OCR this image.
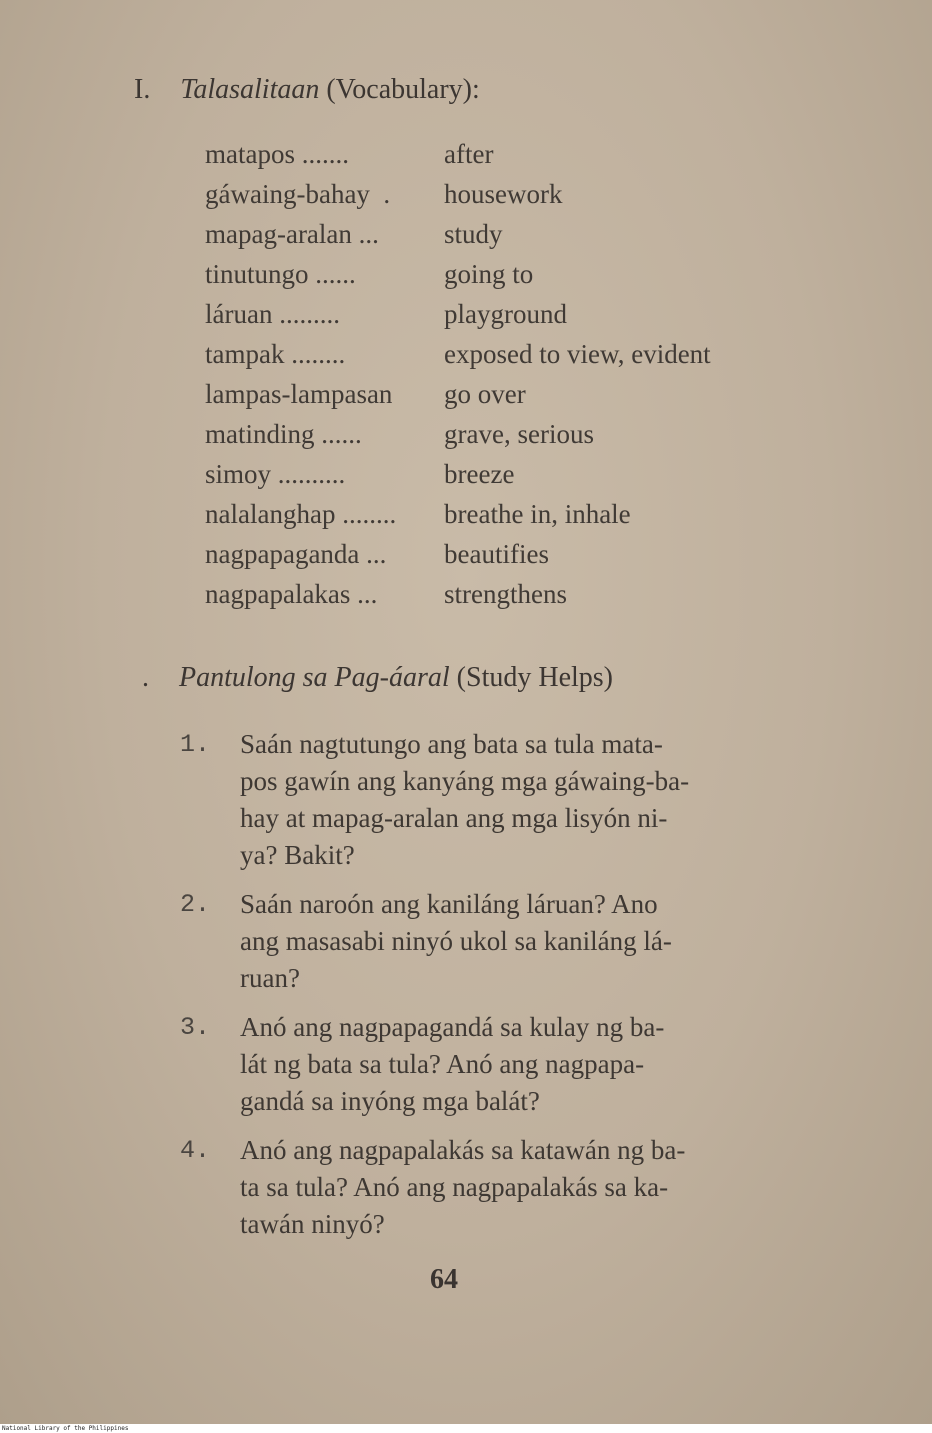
I. Talasalitaan (Vocabulary):
matapos .......	after
gáwaing-bahay  . housework
mapag-aralan ... study
tinutungo ......	going to
láruan .........	playground
tampak ........	exposed to view, evident
lampas-lampasan go over
matinding ......	grave, serious
simoy ..........	breeze
nalalanghap ........ breathe in, inhale
nagpapaganda ... beautifies
nagpapalakas ... strengthens
. Pantulong sa Pag-áaral (Study Helps)
1. Saán nagtutungo ang bata sa tula mata-
pos gawín ang kanyáng mga gáwaing-ba-
hay at mapag-aralan ang mga lisyón ni-
ya? Bakit?
2. Saán naroón ang kaniláng láruan? Ano
ang masasabi ninyó ukol sa kaniláng lá-
ruan?
3. Anó ang nagpapagandá sa kulay ng ba-
lát ng bata sa tula? Anó ang nagpapa-
gandá sa inyóng mga balát?
4. Anó ang nagpapalakás sa katawán ng ba-
ta sa tula? Anó ang nagpapalakás sa ka-
tawán ninyó?
64
National Library of the Philippines
